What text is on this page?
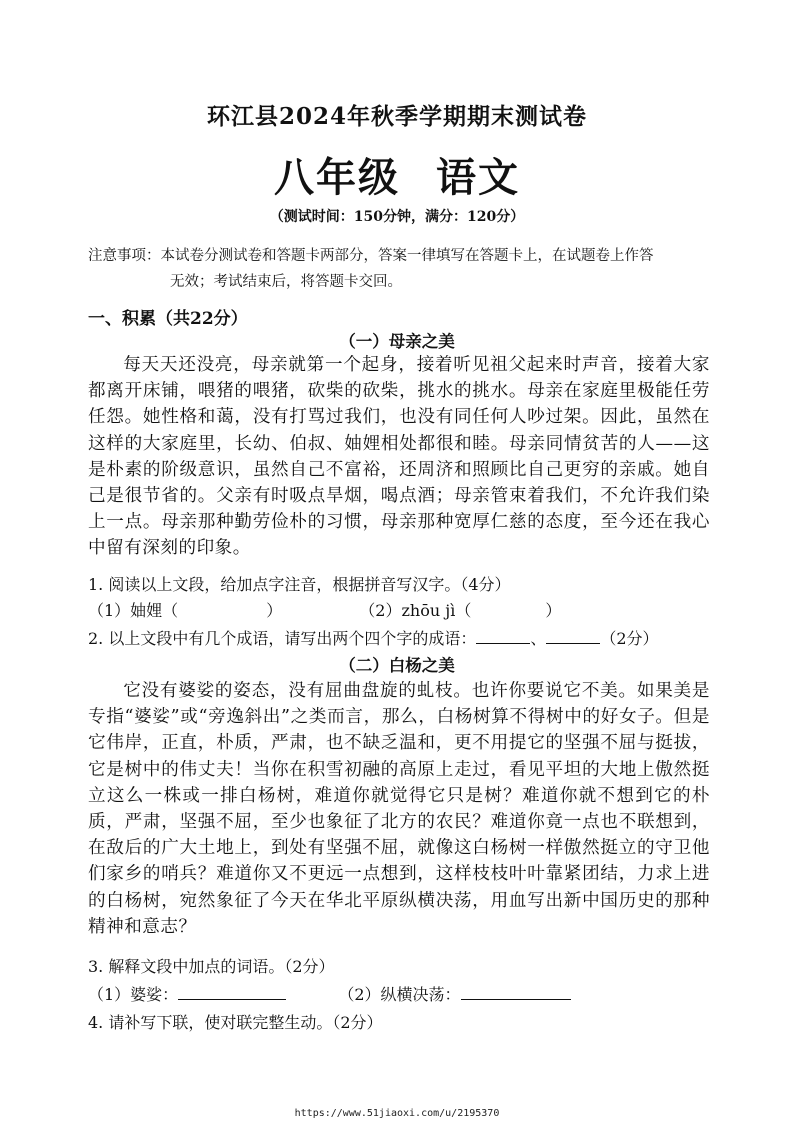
环江县2024年秋季学期期末测试卷
八年级 语文
（测试时间：150分钟，满分：120分）
注意事项：本试卷分测试卷和答题卡两部分，答案一律填写在答题卡上，在试题卷上作答
无效；考试结束后，将答题卡交回。
一、积累（共22分）
（一）母亲之美

每天天还没亮，母亲就第一个起身，接着听见祖父起来时声音，接着大家都离开床铺，喂猪的喂猪，砍柴的砍柴，挑水的挑水。母亲在家庭里极能任劳任怨。她性格和蔼，没有打骂过我们，也没有同任何人吵过架。因此，虽然在这样的大家庭里，长幼、伯叔、妯娌相处都很和睦。母亲同情贫苦的人——这是朴素的阶级意识，虽然自己不富裕，还周济和照顾比自己更穷的亲戚。她自己是很节省的。父亲有时吸点旱烟，喝点酒；母亲管束着我们，不允许我们染上一点。母亲那种勤劳俭朴的习惯，母亲那种宽厚仁慈的态度，至今还在我心中留有深刻的印象。

1. 阅读以上文段，给加点字注音，根据拼音写汉字。（4分）
（1）妯娌（	）	（2）zhōu jì（	）
2. 以上文段中有几个成语，请写出两个四个字的成语：	、	（2分）
（二）白杨之美

它没有婆娑的姿态，没有屈曲盘旋的虬枝。也许你要说它不美。如果美是专指“婆娑”或“旁逸斜出”之类而言，那么，白杨树算不得树中的好女子。但是它伟岸，正直，朴质，严肃，也不缺乏温和，更不用提它的坚强不屈与挺拔，它是树中的伟丈夫！当你在积雪初融的高原上走过，看见平坦的大地上傲然挺立这么一株或一排白杨树，难道你就觉得它只是树？难道你就不想到它的朴质，严肃，坚强不屈，至少也象征了北方的农民？难道你竟一点也不联想到，在敌后的广大土地上，到处有坚强不屈，就像这白杨树一样傲然挺立的守卫他们家乡的哨兵？难道你又不更远一点想到，这样枝枝叶叶靠紧团结，力求上进的白杨树，宛然象征了今天在华北平原纵横决荡，用血写出新中国历史的那种精神和意志？

3. 解释文段中加点的词语。（2分）
（1）婆娑：	（2）纵横决荡：
4. 请补写下联，使对联完整生动。（2分）
https://www.51jiaoxi.com/u/2195370
